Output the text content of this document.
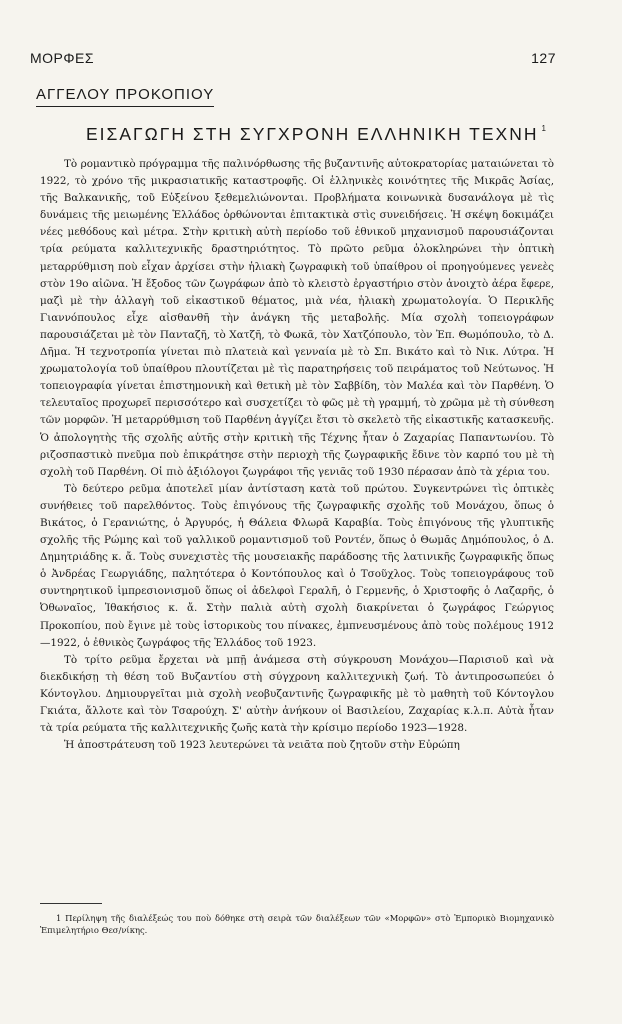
ΜΟΡΦΕΣ	127
ΑΓΓΕΛΟΥ ΠΡΟΚΟΠΙΟΥ
ΕΙΣΑΓΩΓΗ ΣΤΗ ΣΥΓΧΡΟΝΗ ΕΛΛΗΝΙΚΗ ΤΕΧΝΗ $^1$

Τὸ ρομαντικὸ πρόγραμμα τῆς παλινόρθωσης τῆς βυζαντινῆς αὐτοκρατορίας ματαιώνεται τὸ 1922, τὸ χρόνο τῆς μικρασιατικῆς καταστροφῆς. Οἱ ἑλληνικὲς κοινότητες τῆς Μικρᾶς Ἀσίας, τῆς Βαλκανικῆς, τοῦ Εὐξείνου ξεθεμελιώνονται. Προβλήματα κοινωνικὰ δυσανάλογα μὲ τὶς δυνάμεις τῆς μειωμένης Ἑλλάδος ὀρθώνονται ἐπιτακτικὰ στὶς συνειδήσεις. Ἡ σκέψη δοκιμάζει νέες μεθόδους καὶ μέτρα. Στὴν κριτικὴ αὐτὴ περίοδο τοῦ ἐθνικοῦ μηχανισμοῦ παρουσιάζονται τρία ρεύματα καλλιτεχνικῆς δραστηριότητος. Τὸ πρῶτο ρεῦμα ὁλοκληρώνει τὴν ὀπτικὴ μεταρρύθμιση ποὺ εἶχαν ἀρχίσει στὴν ἡλιακὴ ζωγραφικὴ τοῦ ὑπαίθρου οἱ προηγούμενες γενεὲς στὸν 19ο αἰῶνα. Ἡ ἔξοδος τῶν ζωγράφων ἀπὸ τὸ κλειστὸ ἐργαστήριο στὸν ἀνοιχτὸ ἀέρα ἔφερε, μαζὶ μὲ τὴν ἀλλαγὴ τοῦ εἰκαστικοῦ θέματος, μιὰ νέα, ἡλιακὴ χρωματολογία. Ὁ Περικλῆς Γιαννόπουλος εἶχε αἰσθανθῆ τὴν ἀνάγκη τῆς μεταβολῆς. Μία σχολὴ τοπειογράφων παρουσιάζεται μὲ τὸν Πανταζῆ, τὸ Χατζῆ, τὸ Φωκᾶ, τὸν Χατζόπουλο, τὸν Ἐπ. Θωμόπουλο, τὸ Δ. Δῆμα. Ἡ τεχνοτροπία γίνεται πιὸ πλατειὰ καὶ γενναία μὲ τὸ Σπ. Βικάτο καὶ τὸ Νικ. Λύτρα. Ἡ χρωματολογία τοῦ ὑπαίθρου πλουτίζεται μὲ τὶς παρατηρήσεις τοῦ πειράματος τοῦ Νεύτωνος. Ἡ τοπειογραφία γίνεται ἐπιστημονικὴ καὶ θετικὴ μὲ τὸν Σαββίδη, τὸν Μαλέα καὶ τὸν Παρθένη. Ὁ τελευταῖος προχωρεῖ περισσότερο καὶ συσχετίζει τὸ φῶς μὲ τὴ γραμμή, τὸ χρῶμα μὲ τὴ σύνθεση τῶν μορφῶν. Ἡ μεταρρύθμιση τοῦ Παρθένη ἀγγίζει ἔτσι τὸ σκελετὸ τῆς εἰκαστικῆς κατασκευῆς. Ὁ ἀπολογητὴς τῆς σχολῆς αὐτῆς στὴν κριτικὴ τῆς Τέχνης ἦταν ὁ Ζαχαρίας Παπαντωνίου. Τὸ ριζοσπαστικὸ πνεῦμα ποὺ ἐπικράτησε στὴν περιοχὴ τῆς ζωγραφικῆς ἔδινε τὸν καρπό του μὲ τὴ σχολὴ τοῦ Παρθένη. Οἱ πιὸ ἀξιόλογοι ζωγράφοι τῆς γενιᾶς τοῦ 1930 πέρασαν ἀπὸ τὰ χέρια του.

Τὸ δεύτερο ρεῦμα ἀποτελεῖ μίαν ἀντίσταση κατὰ τοῦ πρώτου. Συγκεντρώνει τὶς ὀπτικὲς συνήθειες τοῦ παρελθόντος. Τοὺς ἐπιγόνους τῆς ζωγραφικῆς σχολῆς τοῦ Μονάχου, ὅπως ὁ Βικάτος, ὁ Γερανιώτης, ὁ Ἀργυρός, ἡ Θάλεια Φλωρᾶ Καραβία. Τοὺς ἐπιγόνους τῆς γλυπτικῆς σχολῆς τῆς Ρώμης καὶ τοῦ γαλλικοῦ ρομαντισμοῦ τοῦ Ροντέν, ὅπως ὁ Θωμᾶς Δημόπουλος, ὁ Δ. Δημητριάδης κ. ἄ. Τοὺς συνεχιστὲς τῆς μουσειακῆς παράδοσης τῆς λατινικῆς ζωγραφικῆς ὅπως ὁ Ἀνδρέας Γεωργιάδης, παλητότερα ὁ Κοντόπουλος καὶ ὁ Τσοῦχλος. Τοὺς τοπειογράφους τοῦ συντηρητικοῦ ἰμπρεσιονισμοῦ ὅπως οἱ ἀδελφοὶ Γεραλῆ, ὁ Γερμενῆς, ὁ Χριστοφῆς ὁ Λαζαρῆς, ὁ Ὀθωναῖος, Ἰθακήσιος κ. ἄ. Στὴν παλιὰ αὐτὴ σχολὴ διακρίνεται ὁ ζωγράφος Γεώργιος Προκοπίου, ποὺ ἔγινε μὲ τοὺς ἱστορικοὺς του πίνακες, ἐμπνευσμένους ἀπὸ τοὺς πολέμους 1912—1922, ὁ ἐθνικὸς ζωγράφος τῆς Ἑλλάδος τοῦ 1923.

Τὸ τρίτο ρεῦμα ἔρχεται νὰ μπῇ ἀνάμεσα στὴ σύγκρουση Μονάχου—Παρισιοῦ καὶ νὰ διεκδικήσῃ τὴ θέση τοῦ Βυζαντίου στὴ σύγχρονη καλλιτεχνικὴ ζωή. Τὸ ἀντιπροσωπεύει ὁ Κόντογλου. Δημιουργεῖται μιὰ σχολὴ νεοβυζαντινῆς ζωγραφικῆς μὲ τὸ μαθητὴ τοῦ Κόντογλου Γκιάτα, ἄλλοτε καὶ τὸν Τσαρούχη. Σ' αὐτὴν ἀνήκουν οἱ Βασιλείου, Ζαχαρίας κ.λ.π. Αὐτὰ ἦταν τὰ τρία ρεύματα τῆς καλλιτεχνικῆς ζωῆς κατὰ τὴν κρίσιμο περίοδο 1923—1928.

Ἡ ἀποστράτευση τοῦ 1923 λευτερώνει τὰ νειᾶτα ποὺ ζητοῦν στὴν Εὐρώπη

1 Περίληψη τῆς διαλέξεώς του ποὺ δόθηκε στὴ σειρὰ τῶν διαλέξεων τῶν «Μορφῶν» στὸ Ἐμπορικὸ Βιομηχανικὸ Ἐπιμελητήριο Θεσ/νίκης.
